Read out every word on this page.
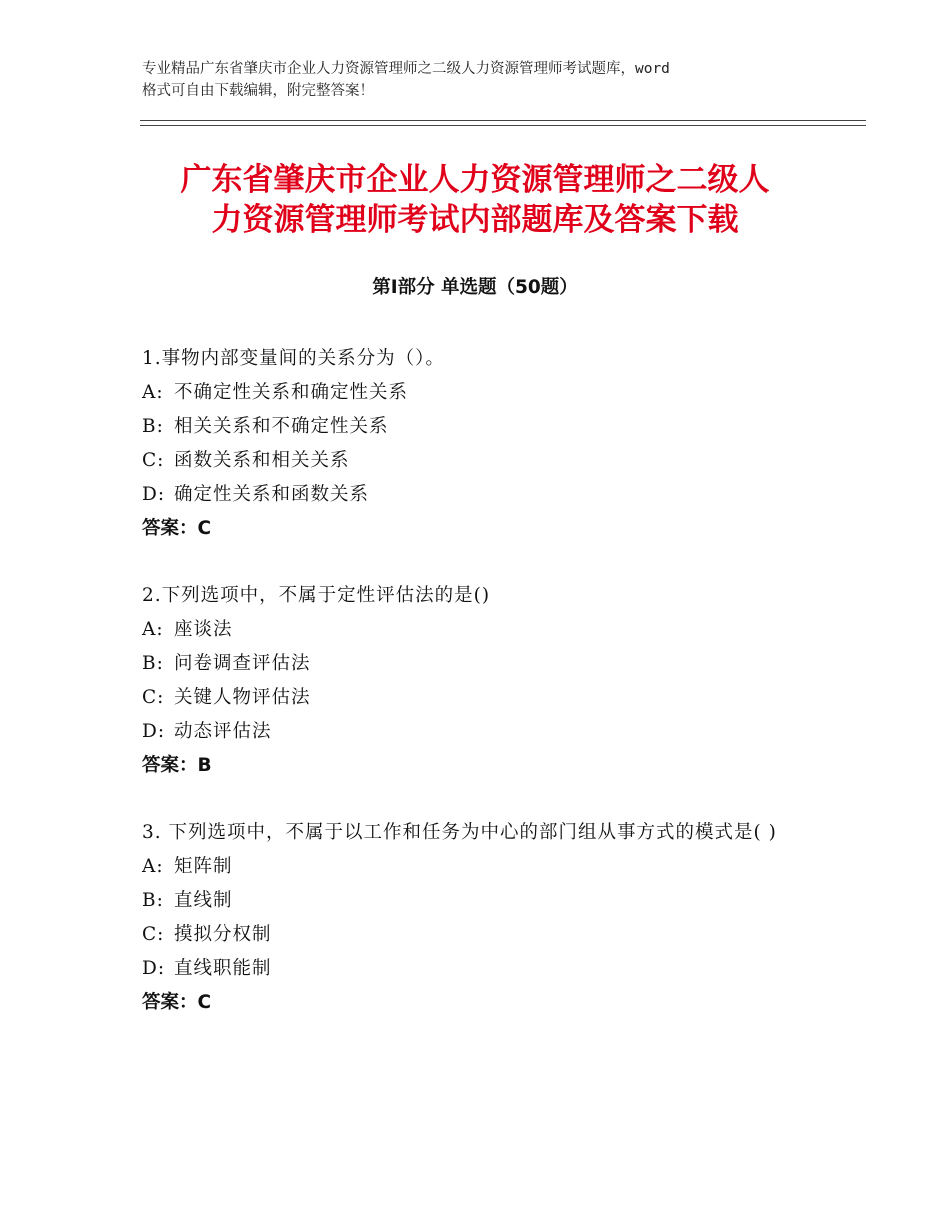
专业精品广东省肇庆市企业人力资源管理师之二级人力资源管理师考试题库，word
格式可自由下载编辑，附完整答案！
广东省肇庆市企业人力资源管理师之二级人
力资源管理师考试内部题库及答案下载
第Ⅰ部分 单选题（50题）
1.事物内部变量间的关系分为（）。
A: 不确定性关系和确定性关系
B: 相关关系和不确定性关系
C: 函数关系和相关关系
D: 确定性关系和函数关系
答案：C
2.下列选项中，不属于定性评估法的是()
A: 座谈法
B: 问卷调查评估法
C: 关键人物评估法
D: 动态评估法
答案：B
3. 下列选项中，不属于以工作和任务为中心的部门组从事方式的模式是( )
A: 矩阵制
B: 直线制
C: 摸拟分权制
D: 直线职能制
答案：C
